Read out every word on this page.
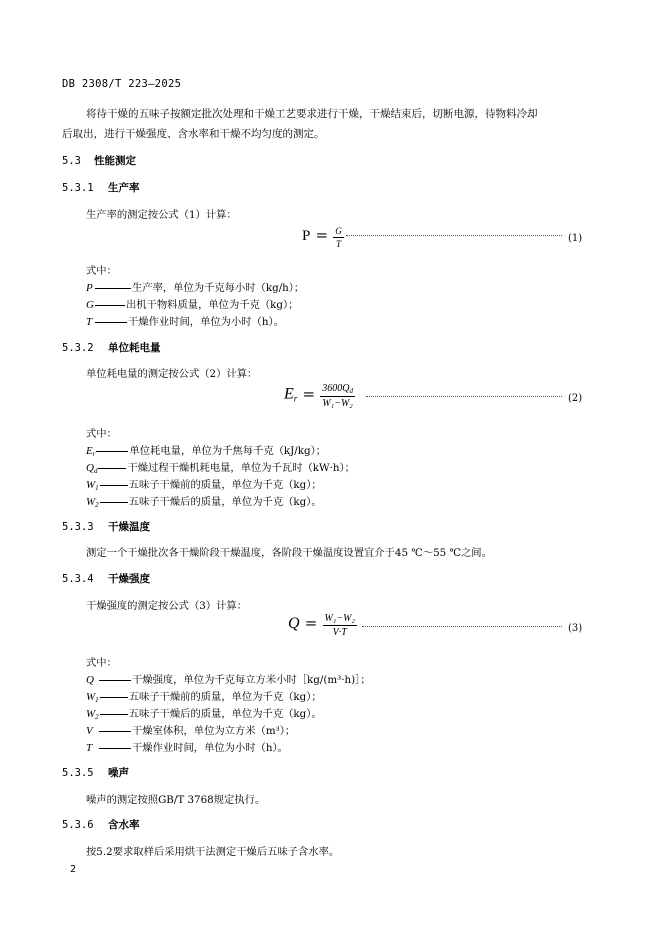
DB 2308/T 223—2025
将待干燥的五味子按额定批次处理和干燥工艺要求进行干燥，干燥结束后，切断电源，待物料冷却
后取出，进行干燥强度、含水率和干燥不均匀度的测定。
5.3 性能测定
5.3.1 生产率
生产率的测定按公式（1）计算：
$P = \frac{G}{T}$	(1)
式中：
P	生产率，单位为千克每小时（kg/h）；
G	出机干物料质量，单位为千克（kg）；
T	干燥作业时间，单位为小时（h）。
5.3.2 单位耗电量
单位耗电量的测定按公式（2）计算：
$Er = \frac{3600Q_d}{\text{W₁−W₂}}$	(2)
式中：
$E_r$	单位耗电量，单位为千焦每千克（kJ/kg）；
$Q_d$	干燥过程干燥机耗电量，单位为千瓦时（kW·h）；
$W_1$	五味子干燥前的质量，单位为千克（kg）；
$W_2$	五味子干燥后的质量，单位为千克（kg）。
5.3.3 干燥温度
测定一个干燥批次各干燥阶段干燥温度，各阶段干燥温度设置宜介于45 ℃～55 ℃之间。
5.3.4 干燥强度
干燥强度的测定按公式（3）计算：
$Q = \frac{\text{W₁−W₂}}{V\cdot T}$	(3)
式中：
Q	干燥强度，单位为千克每立方米小时［kg/(m³·h)］；
$W_1$	五味子干燥前的质量，单位为千克（kg）；
$W_2$	五味子干燥后的质量，单位为千克（kg）。
V	干燥室体积，单位为立方米（m³）；
T	干燥作业时间，单位为小时（h）。
5.3.5 噪声
噪声的测定按照GB/T 3768规定执行。
5.3.6 含水率
按5.2要求取样后采用烘干法测定干燥后五味子含水率。
2
